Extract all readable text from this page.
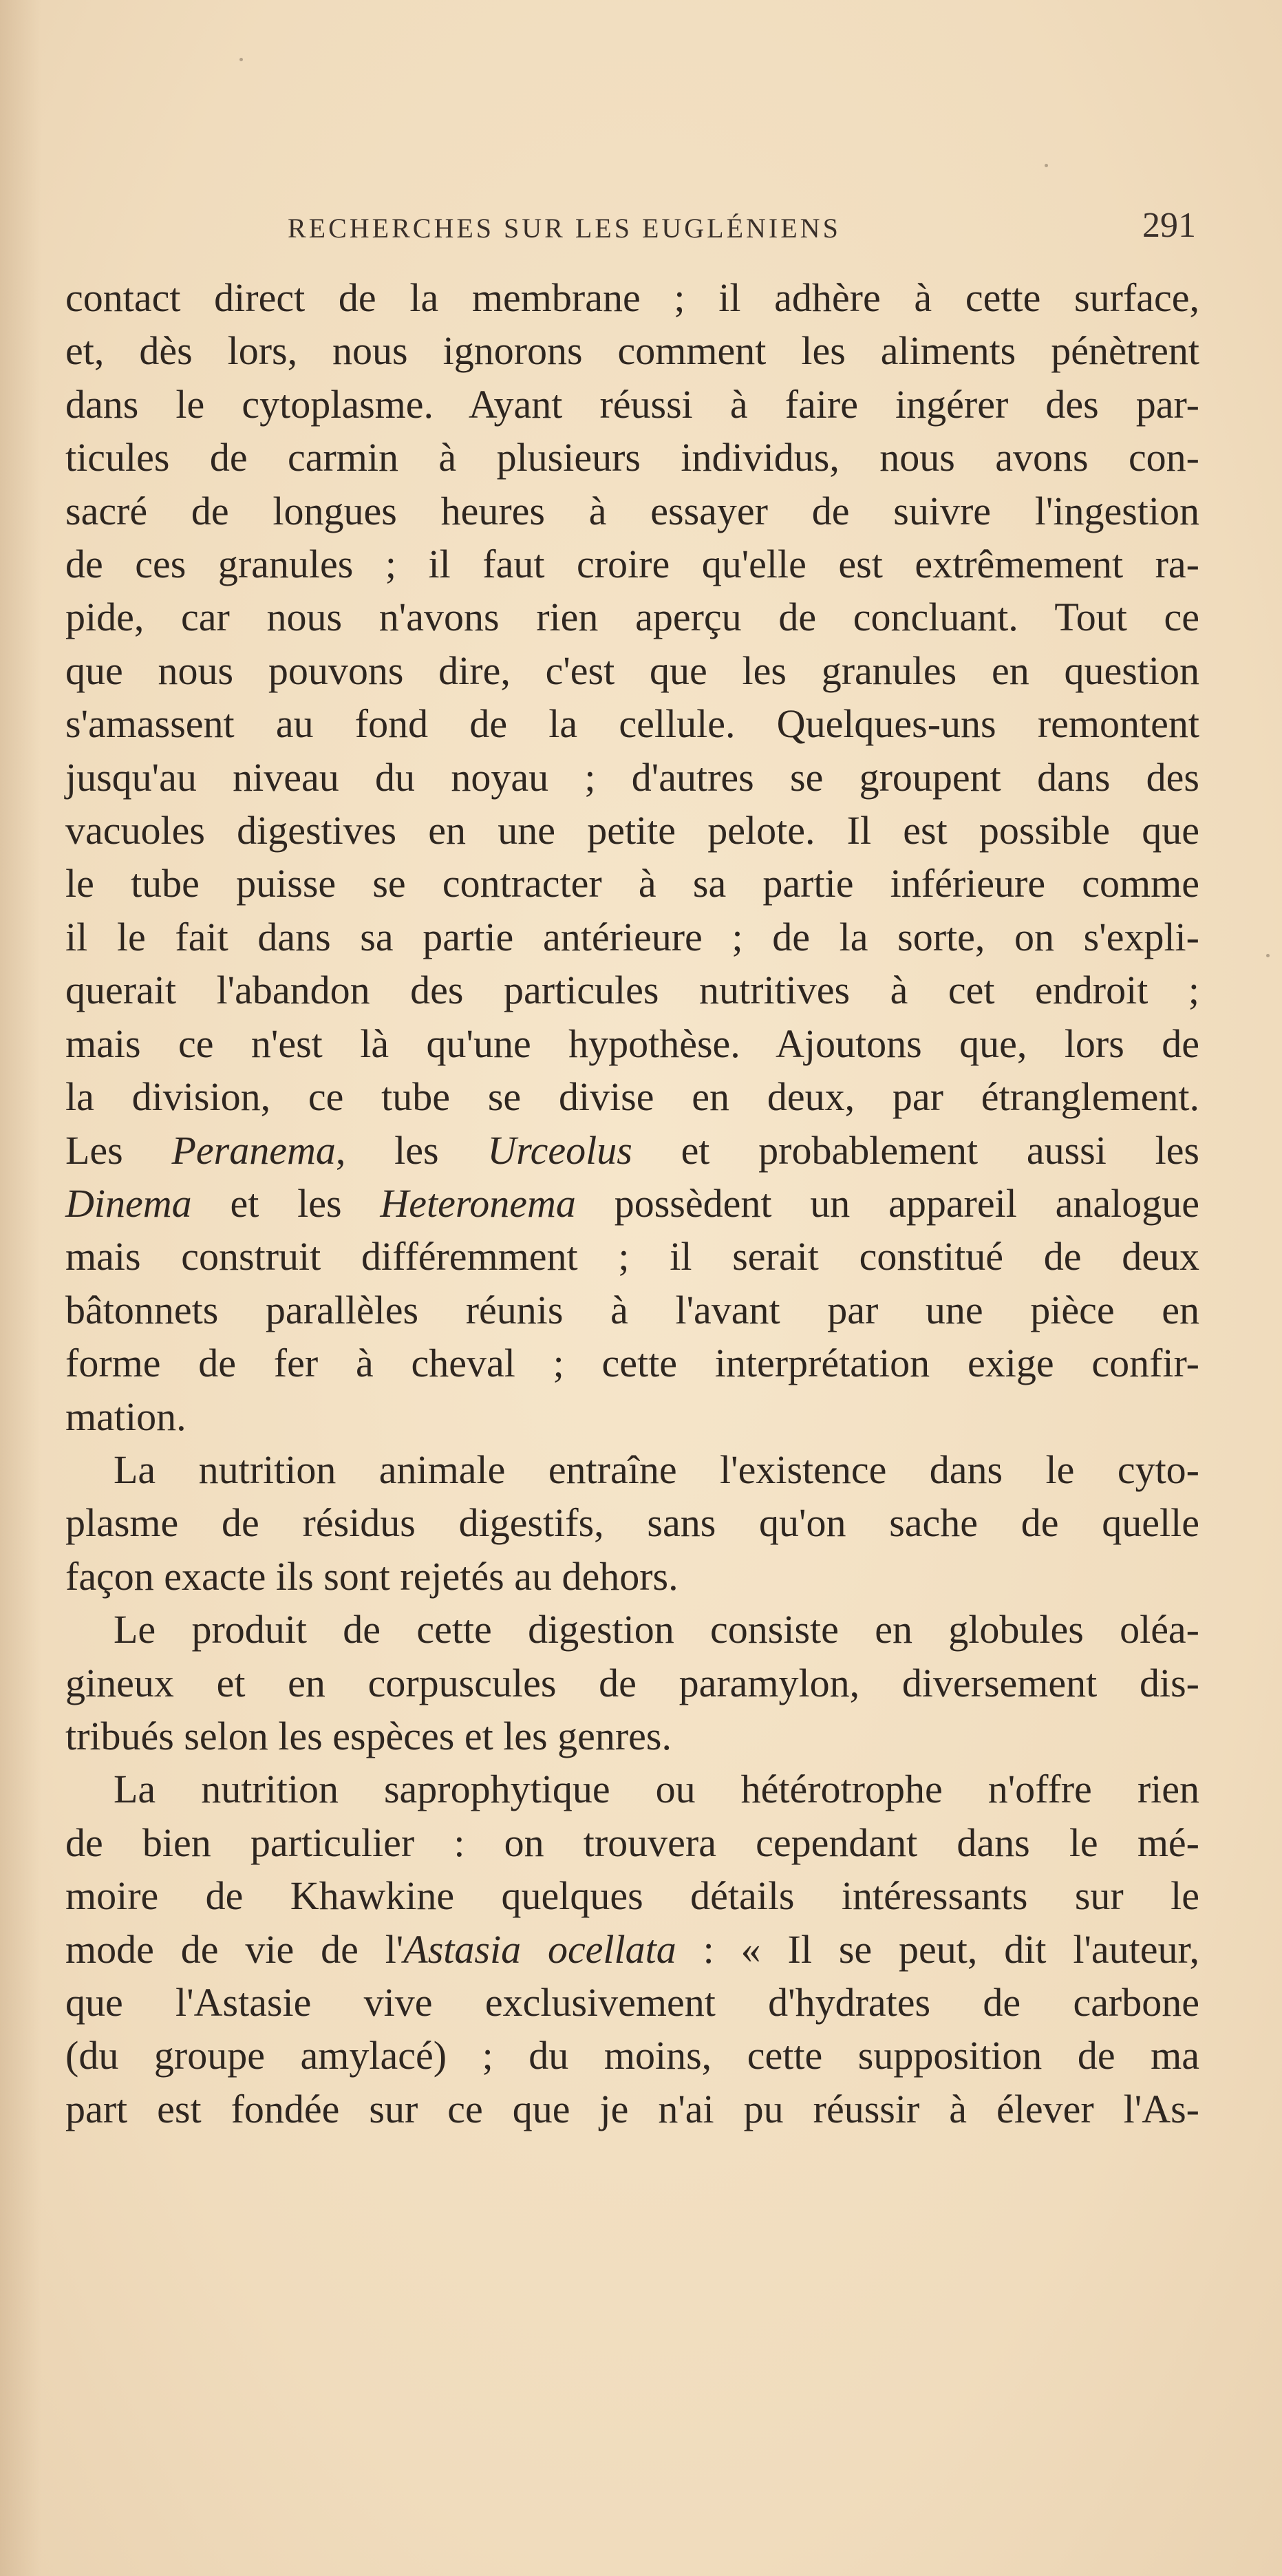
RECHERCHES SUR LES EUGLÉNIENS	291
contact direct de la membrane ; il adhère à cette surface,
et, dès lors, nous ignorons comment les aliments pénètrent
dans le cytoplasme. Ayant réussi à faire ingérer des par-
ticules de carmin à plusieurs individus, nous avons con-
sacré de longues heures à essayer de suivre l'ingestion
de ces granules ; il faut croire qu'elle est extrêmement ra-
pide, car nous n'avons rien aperçu de concluant. Tout ce
que nous pouvons dire, c'est que les granules en question
s'amassent au fond de la cellule. Quelques-uns remontent
jusqu'au niveau du noyau ; d'autres se groupent dans des
vacuoles digestives en une petite pelote. Il est possible que
le tube puisse se contracter à sa partie inférieure comme
il le fait dans sa partie antérieure ; de la sorte, on s'expli-
querait l'abandon des particules nutritives à cet endroit ;
mais ce n'est là qu'une hypothèse. Ajoutons que, lors de
la division, ce tube se divise en deux, par étranglement.
Les Peranema, les Urceolus et probablement aussi les
Dinema et les Heteronema possèdent un appareil analogue
mais construit différemment ; il serait constitué de deux
bâtonnets parallèles réunis à l'avant par une pièce en
forme de fer à cheval ; cette interprétation exige confir-
mation.
La nutrition animale entraîne l'existence dans le cyto-
plasme de résidus digestifs, sans qu'on sache de quelle
façon exacte ils sont rejetés au dehors.
Le produit de cette digestion consiste en globules oléa-
gineux et en corpuscules de paramylon, diversement dis-
tribués selon les espèces et les genres.
La nutrition saprophytique ou hétérotrophe n'offre rien
de bien particulier : on trouvera cependant dans le mé-
moire de Khawkine quelques détails intéressants sur le
mode de vie de l'Astasia ocellata : « Il se peut, dit l'auteur,
que l'Astasie vive exclusivement d'hydrates de carbone
(du groupe amylacé) ; du moins, cette supposition de ma
part est fondée sur ce que je n'ai pu réussir à élever l'As-
